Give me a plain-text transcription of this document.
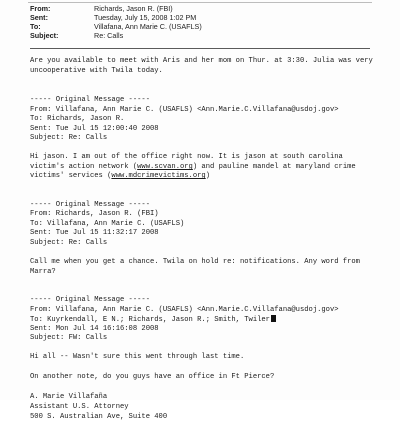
From:	Richards, Jason R. (FBI)
Sent:	Tuesday, July 15, 2008 1:02 PM
To:	Villafana, Ann Marie C. (USAFLS)
Subject:	Re: Calls
Are you available to meet with Aris and her mom on Thur. at 3:30. Julia was very
uncooperative with Twila today.
----- Original Message -----
From: Villafana, Ann Marie C. (USAFLS) <Ann.Marie.C.Villafana@usdoj.gov>
To: Richards, Jason R.
Sent: Tue Jul 15 12:00:40 2008
Subject: Re: Calls
Hi jason. I am out of the office right now. It is jason at south carolina
victim's action network (www.scvan.org) and pauline mandel at maryland crime
victims' services (www.mdcrimevictims.org)
----- Original Message -----
From: Richards, Jason R. (FBI)
To: Villafana, Ann Marie C. (USAFLS)
Sent: Tue Jul 15 11:32:17 2008
Subject: Re: Calls
Call me when you get a chance. Twila on hold re: notifications. Any word from
Marra?
----- Original Message -----
From: Villafana, Ann Marie C. (USAFLS) <Ann.Marie.C.Villafana@usdoj.gov>
To: Kuyrkendall, E N.; Richards, Jason R.; Smith, Twiler
Sent: Mon Jul 14 16:16:08 2008
Subject: FW: Calls
Hi all -- Wasn't sure this went through last time.
On another note, do you guys have an office in Ft Pierce?
A. Marie Villafaña
Assistant U.S. Attorney
500 S. Australian Ave, Suite 400
